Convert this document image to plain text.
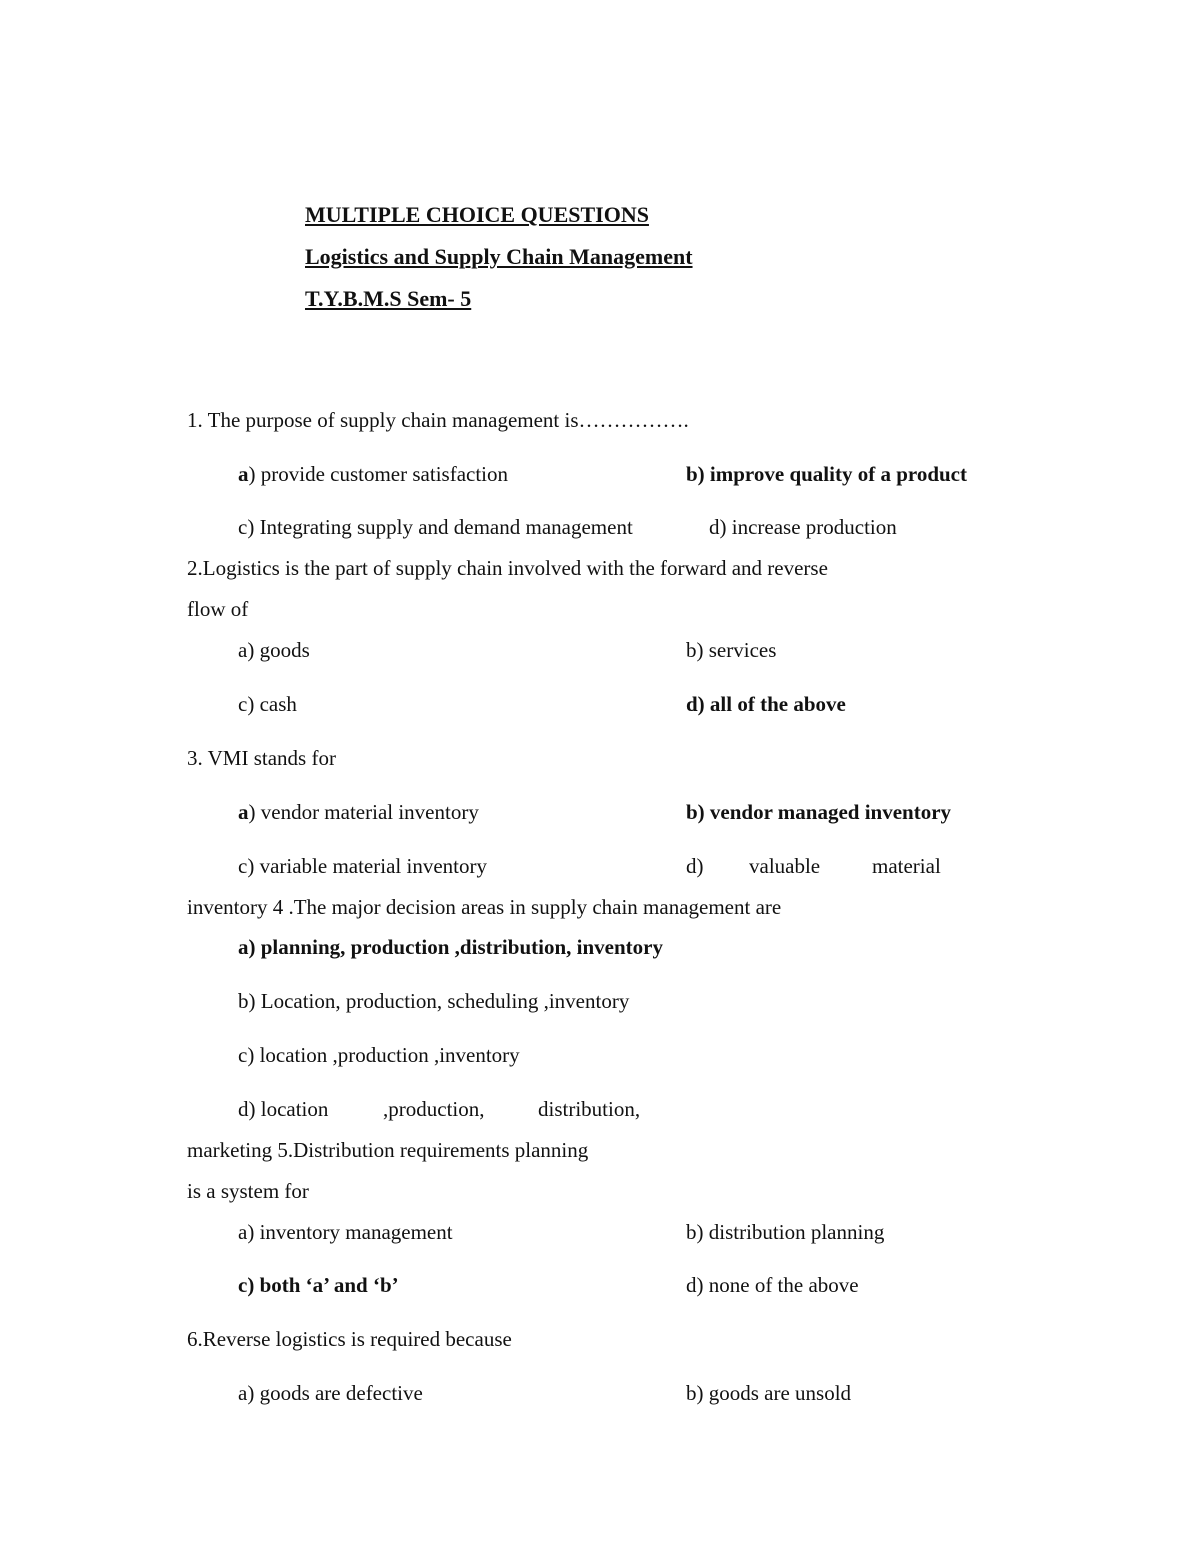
MULTIPLE CHOICE QUESTIONS
Logistics and Supply Chain Management
T.Y.B.M.S Sem- 5
1. The purpose of supply chain management is…………….
a) provide customer satisfaction	b) improve quality of a product
c) Integrating supply and demand management	d) increase production
2.Logistics is the part of supply chain involved with the forward and reverse
flow of
a) goods	b) services
c) cash	d) all of the above
3. VMI stands for
a) vendor material inventory	b) vendor managed inventory
c) variable material inventory	d) valuable material
inventory 4 .The major decision areas in supply chain management are
a) planning, production ,distribution, inventory
b) Location, production, scheduling ,inventory
c) location ,production ,inventory
d) location	,production,	distribution,
marketing 5.Distribution requirements planning
is a system for
a) inventory management	b) distribution planning
c) both ‘a’ and ‘b’	d) none of the above
6.Reverse logistics is required because
a) goods are defective	b) goods are unsold
